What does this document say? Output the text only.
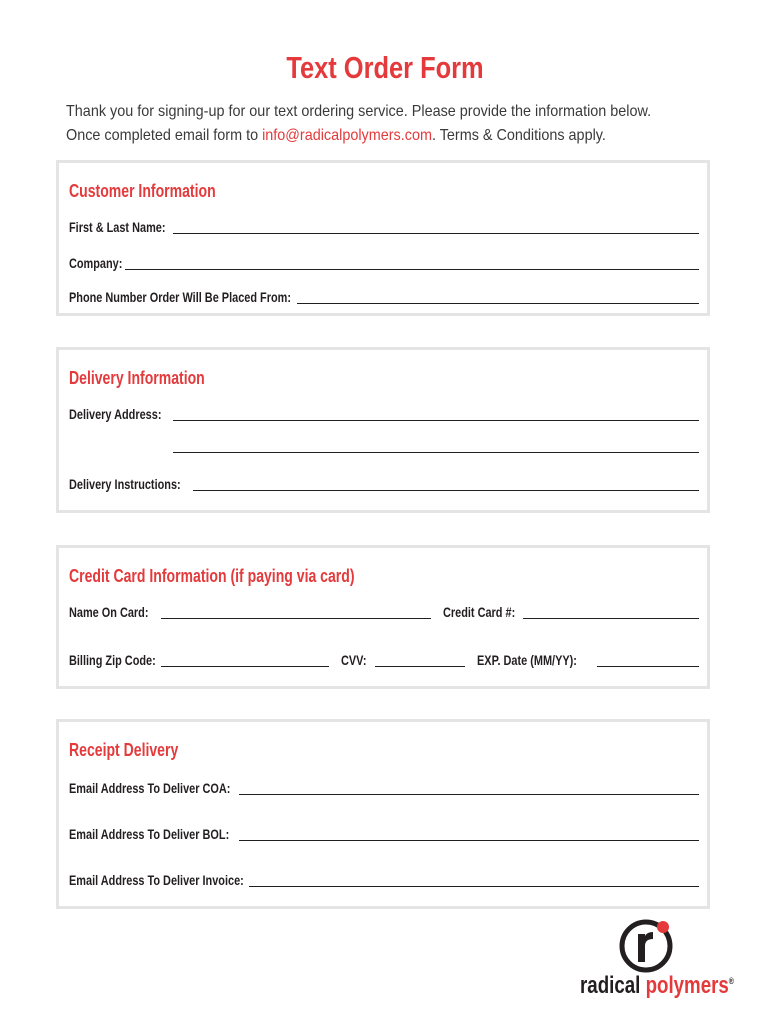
Text Order Form
Thank you for signing-up for our text ordering service. Please provide the information below.
Once completed email form to info@radicalpolymers.com. Terms & Conditions apply.
Customer Information
First & Last Name:
Company:
Phone Number Order Will Be Placed From:
Delivery Information
Delivery Address:
Delivery Instructions:
Credit Card Information (if paying via card)
Name On Card:	Credit Card #:
Billing Zip Code:	CVV:	EXP. Date (MM/YY):
Receipt Delivery
Email Address To Deliver COA:
Email Address To Deliver BOL:
Email Address To Deliver Invoice:
radical polymers®
